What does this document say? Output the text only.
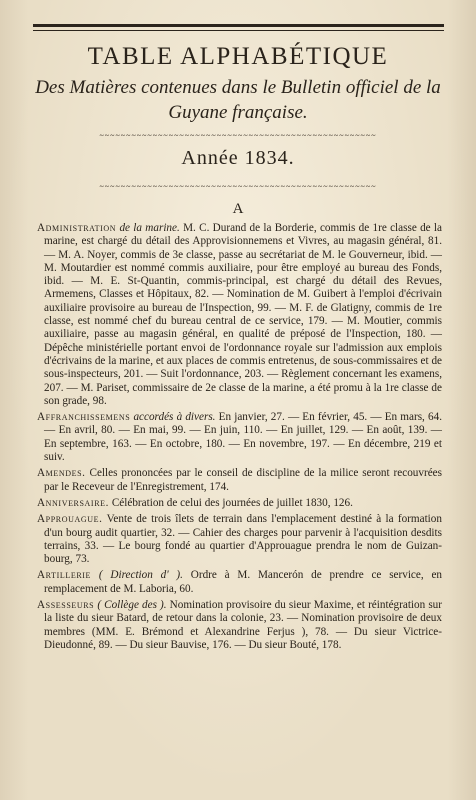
TABLE ALPHABÉTIQUE
Des Matières contenues dans le Bulletin officiel de la Guyane française.
~~~~~~~~~~~~~~~~~~~~~~~~~~~~~~~~~~~~~~~~~~~~~~~~~~~~
Année 1834.
~~~~~~~~~~~~~~~~~~~~~~~~~~~~~~~~~~~~~~~~~~~~~~~~~~~~
A

Administration de la marine. M. C. Durand de la Borderie, commis de 1re classe de la marine, est chargé du détail des Approvisionnemens et Vivres, au magasin général, 81. — M. A. Noyer, commis de 3e classe, passe au secrétariat de M. le Gouverneur, ibid. — M. Moutardier est nommé commis auxiliaire, pour être employé au bureau des Fonds, ibid. — M. E. St-Quantin, commis-principal, est chargé du détail des Revues, Armemens, Classes et Hôpitaux, 82. — Nomination de M. Guibert à l'emploi d'écrivain auxiliaire provisoire au bureau de l'Inspection, 99. — M. F. de Glatigny, commis de 1re classe, est nommé chef du bureau central de ce service, 179. — M. Moutier, commis auxiliaire, passe au magasin général, en qualité de préposé de l'Inspection, 180. — Dépêche ministérielle portant envoi de l'ordonnance royale sur l'admission aux emplois d'écrivains de la marine, et aux places de commis entretenus, de sous-commissaires et de sous-inspecteurs, 201. — Suit l'ordonnance, 203. — Règlement concernant les examens, 207. — M. Pariset, commissaire de 2e classe de la marine, a été promu à la 1re classe de son grade, 98.

Affranchissemens accordés à divers. En janvier, 27. — En février, 45. — En mars, 64. — En avril, 80. — En mai, 99. — En juin, 110. — En juillet, 129. — En août, 139. — En septembre, 163. — En octobre, 180. — En novembre, 197. — En décembre, 219 et suiv.

Amendes. Celles prononcées par le conseil de discipline de la milice seront recouvrées par le Receveur de l'Enregistrement, 174.

Anniversaire. Célébration de celui des journées de juillet 1830, 126.

Approuague. Vente de trois îlets de terrain dans l'emplacement destiné à la formation d'un bourg audit quartier, 32. — Cahier des charges pour parvenir à l'acquisition desdits terrains, 33. — Le bourg fondé au quartier d'Approuague prendra le nom de Guizan-bourg, 73.

Artillerie ( Direction d' ). Ordre à M. Mancerón de prendre ce service, en remplacement de M. Laboria, 60.

Assesseurs ( Collège des ). Nomination provisoire du sieur Maxime, et réintégration sur la liste du sieur Batard, de retour dans la colonie, 23. — Nomination provisoire de deux membres (MM. E. Brémond et Alexandrine Ferjus ), 78. — Du sieur Victrice-Dieudonné, 89. — Du sieur Bauvise, 176. — Du sieur Bouté, 178.
